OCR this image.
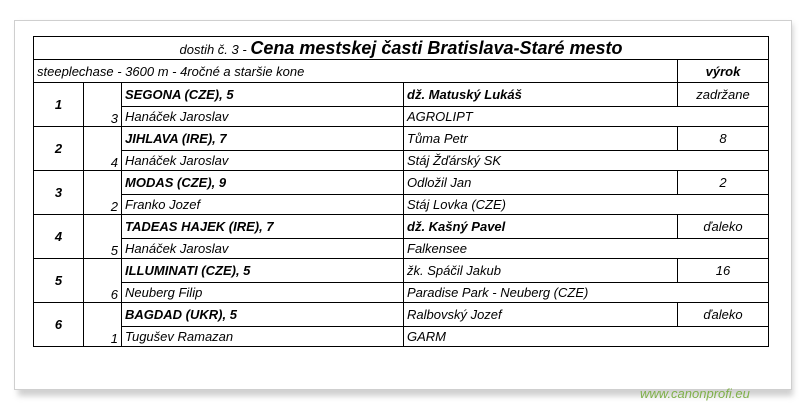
dostih č. 3 - Cena mestskej časti Bratislava-Staré mesto				
steeplechase - 3600 m - 4ročné a staršie kone				výrok
1	3	SEGONA (CZE), 5	dž. Matuský Lukáš	zadržane
		Hanáček Jaroslav	AGROLIPT	
2	4	JIHLAVA (IRE), 7	Tůma Petr	8
		Hanáček Jaroslav	Stáj Žďárský SK	
3	2	MODAS (CZE), 9	Odložil Jan	2
		Franko Jozef	Stáj Lovka (CZE)	
4	5	TADEAS HAJEK (IRE), 7	dž. Kašný Pavel	ďaleko
		Hanáček Jaroslav	Falkensee	
5	6	ILLUMINATI (CZE), 5	žk. Spáčil Jakub	16
		Neuberg Filip	Paradise Park - Neuberg (CZE)	
6	1	BAGDAD (UKR), 5	Ralbovský Jozef	ďaleko
		Tugušev Ramazan	GARM	
www.canonprofi.eu
